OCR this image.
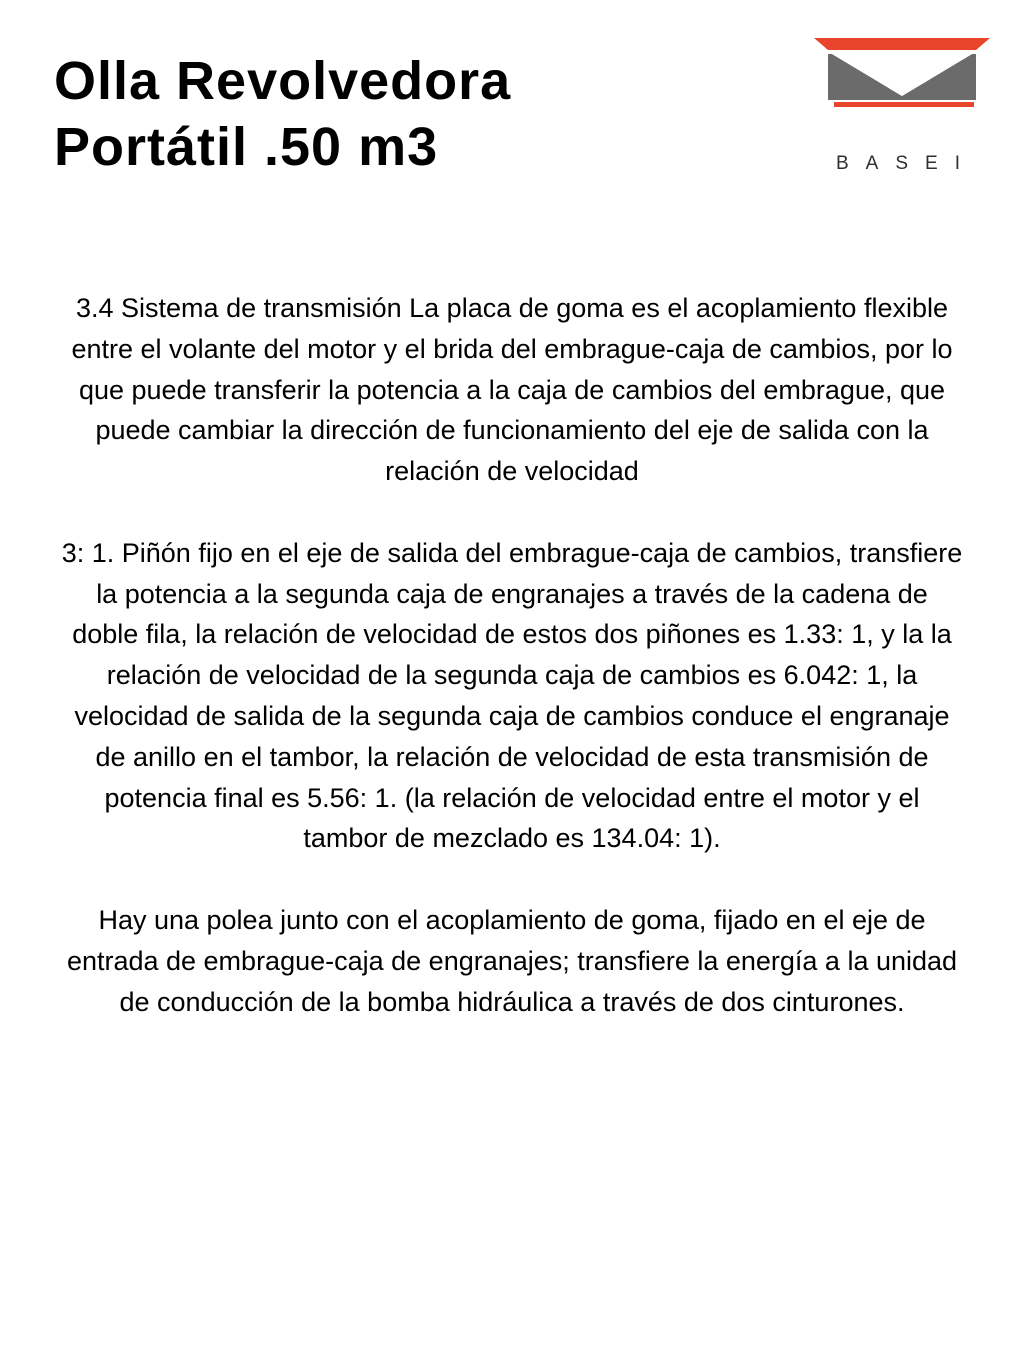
Olla Revolvedora
Portátil .50 m3	BASEI

3.4 Sistema de transmisión La placa de goma es el acoplamiento flexible entre el volante del motor y el brida del embrague-caja de cambios, por lo que puede transferir la potencia a la caja de cambios del embrague, que puede cambiar la dirección de funcionamiento del eje de salida con la relación de velocidad

3: 1. Piñón fijo en el eje de salida del embrague-caja de cambios, transfiere la potencia a la segunda caja de engranajes a través de la cadena de doble fila, la relación de velocidad de estos dos piñones es 1.33: 1, y la la relación de velocidad de la segunda caja de cambios es 6.042: 1, la velocidad de salida de la segunda caja de cambios conduce el engranaje de anillo en el tambor, la relación de velocidad de esta transmisión de potencia final es 5.56: 1. (la relación de velocidad entre el motor y el tambor de mezclado es 134.04: 1).

Hay una polea junto con el acoplamiento de goma, fijado en el eje de entrada de embrague-caja de engranajes; transfiere la energía a la unidad de conducción de la bomba hidráulica a través de dos cinturones.
